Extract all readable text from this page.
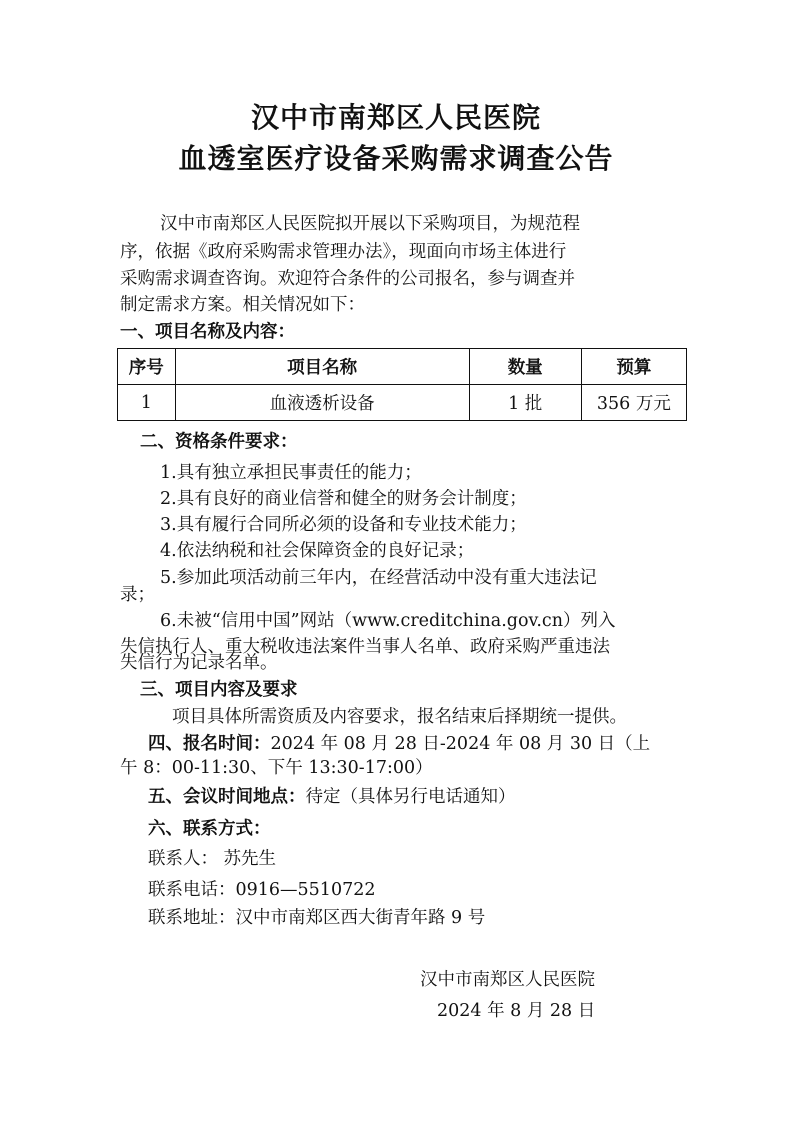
汉中市南郑区人民医院
血透室医疗设备采购需求调查公告
汉中市南郑区人民医院拟开展以下采购项目，为规范程
序，依据《政府采购需求管理办法》，现面向市场主体进行
采购需求调查咨询。欢迎符合条件的公司报名，参与调查并
制定需求方案。相关情况如下：
一、项目名称及内容：
序号	项目名称	数量	预算
1	血液透析设备	1 批	356 万元
二、资格条件要求：
1.具有独立承担民事责任的能力；
2.具有良好的商业信誉和健全的财务会计制度；
3.具有履行合同所必须的设备和专业技术能力；
4.依法纳税和社会保障资金的良好记录；
5.参加此项活动前三年内，在经营活动中没有重大违法记
录；
6.未被“信用中国”网站（www.creditchina.gov.cn）列入
失信执行人、重大税收违法案件当事人名单、政府采购严重违法
失信行为记录名单。
三、项目内容及要求
项目具体所需资质及内容要求，报名结束后择期统一提供。
四、报名时间：2024 年 08 月 28 日-2024 年 08 月 30 日（上
午 8：00-11:30、下午 13:30-17:00）
五、会议时间地点：待定（具体另行电话通知）
六、联系方式：
联系人： 苏先生
联系电话：0916—5510722
联系地址：汉中市南郑区西大街青年路 9 号
汉中市南郑区人民医院
2024 年 8 月 28 日
